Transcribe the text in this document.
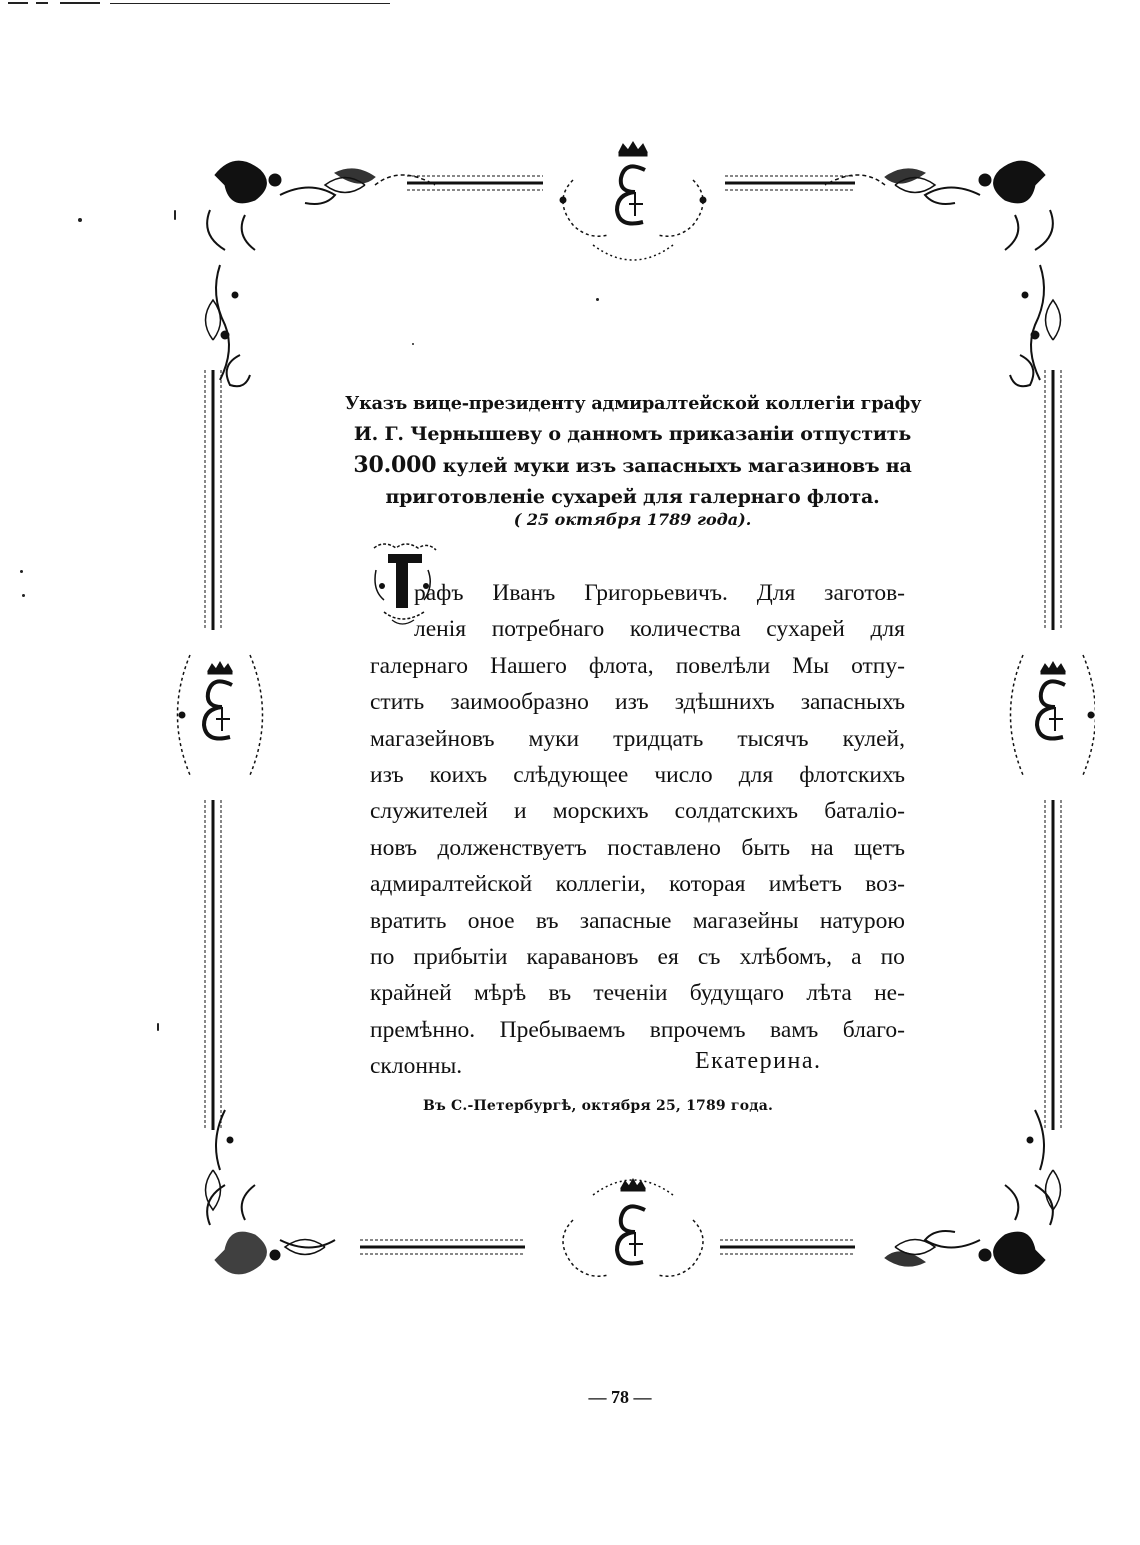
Указъ вице-президенту адмиралтейской коллегіи графу
И. Г. Чернышеву о данномъ приказаніи отпустить
30.000 кулей муки изъ запасныхъ магазиновъ на
приготовленіе сухарей для галернаго флота.
( 25 октября 1789 года).
рафъ Иванъ Григорьевичъ. Для заготов-
ленія потребнаго количества сухарей для
галернаго Нашего флота, повелѣли Мы отпу-
стить заимообразно изъ здѣшнихъ запасныхъ
магазейновъ муки тридцать тысячъ кулей,
изъ коихъ слѣдующее число для флотскихъ
служителей и морскихъ солдатскихъ баталіо-
новъ долженствуетъ поставлено быть на щетъ
адмиралтейской коллегіи, которая имѣетъ воз-
вратить оное въ запасные магазейны натурою
по прибытіи каравановъ ея съ хлѣбомъ, а по
крайней мѣрѣ въ теченіи будущаго лѣта не-
премѣнно. Пребываемъ впрочемъ вамъ благо-
склонны.	Екатерина.
Въ С.-Петербургѣ, октября 25, 1789 года.
— 78 —
